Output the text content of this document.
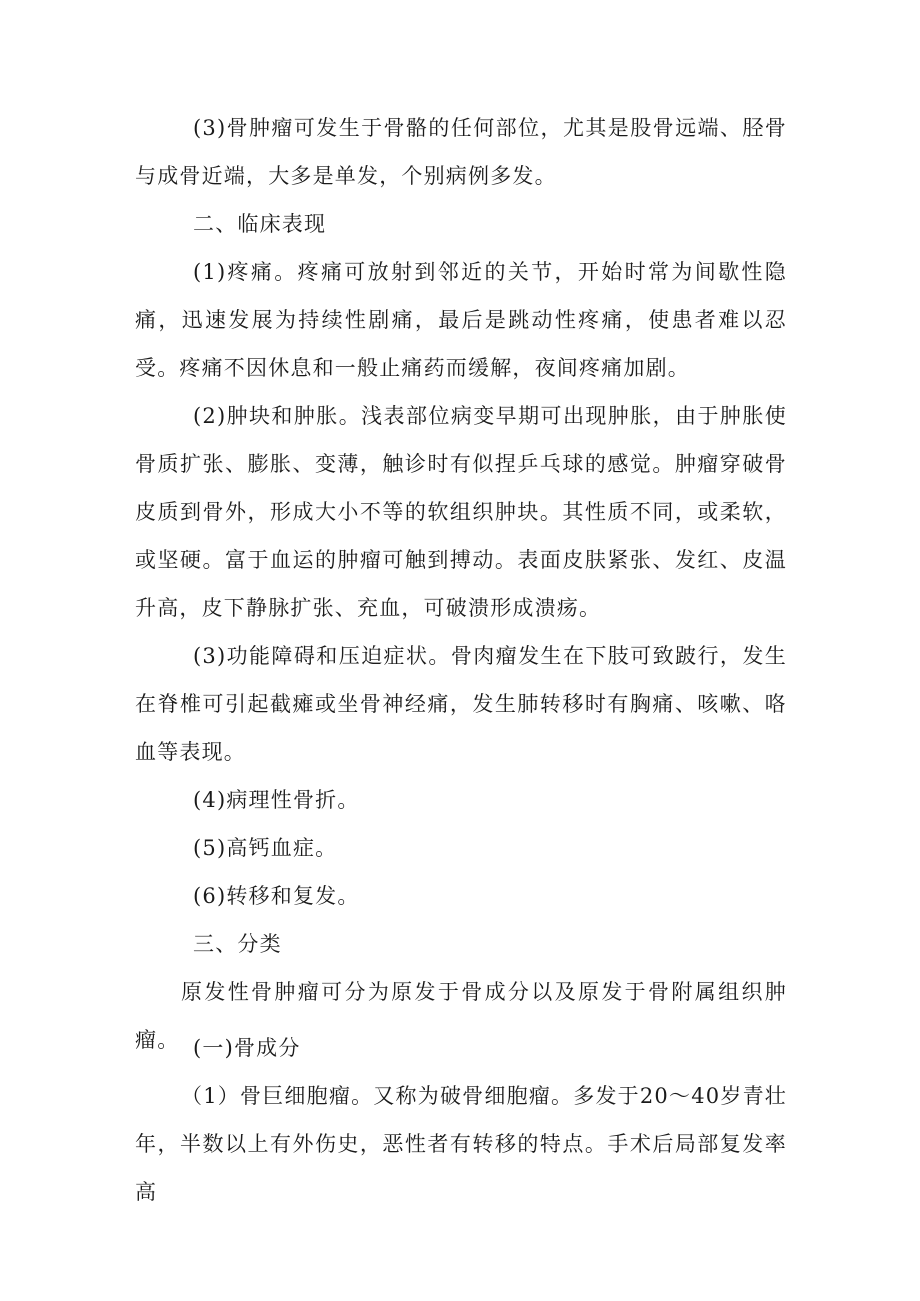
(3)骨肿瘤可发生于骨骼的任何部位，尤其是股骨远端、胫骨与成骨近端，大多是单发，个别病例多发。

二、临床表现

(1)疼痛。疼痛可放射到邻近的关节，开始时常为间歇性隐痛，迅速发展为持续性剧痛，最后是跳动性疼痛，使患者难以忍受。疼痛不因休息和一般止痛药而缓解，夜间疼痛加剧。

(2)肿块和肿胀。浅表部位病变早期可出现肿胀，由于肿胀使骨质扩张、膨胀、变薄，触诊时有似捏乒乓球的感觉。肿瘤穿破骨皮质到骨外，形成大小不等的软组织肿块。其性质不同，或柔软，或坚硬。富于血运的肿瘤可触到搏动。表面皮肤紧张、发红、皮温升高，皮下静脉扩张、充血，可破溃形成溃疡。

(3)功能障碍和压迫症状。骨肉瘤发生在下肢可致跛行，发生在脊椎可引起截瘫或坐骨神经痛，发生肺转移时有胸痛、咳嗽、咯血等表现。

(4)病理性骨折。

(5)高钙血症。

(6)转移和复发。

三、分类

原发性骨肿瘤可分为原发于骨成分以及原发于骨附属组织肿瘤。 (一)骨成分

（1）骨巨细胞瘤。又称为破骨细胞瘤。多发于20～40岁青壮年，半数以上有外伤史，恶性者有转移的特点。手术后局部复发率高
